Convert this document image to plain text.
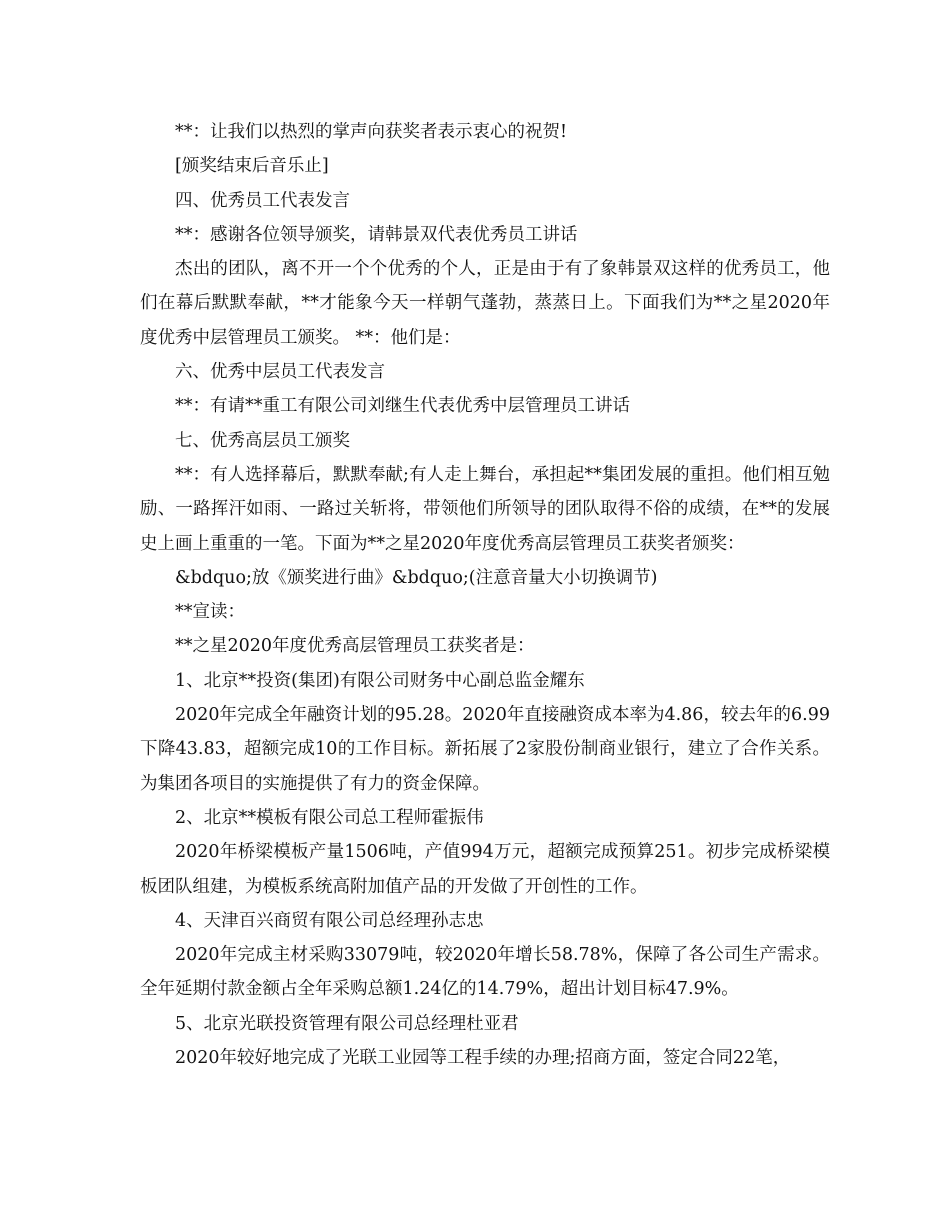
**：让我们以热烈的掌声向获奖者表示衷心的祝贺!

[颁奖结束后音乐止]

四、优秀员工代表发言

**：感谢各位领导颁奖，请韩景双代表优秀员工讲话

杰出的团队，离不开一个个优秀的个人，正是由于有了象韩景双这样的优秀员工，他们在幕后默默奉献，**才能象今天一样朝气蓬勃，蒸蒸日上。下面我们为**之星2020年度优秀中层管理员工颁奖。 **：他们是：

六、优秀中层员工代表发言

**：有请**重工有限公司刘继生代表优秀中层管理员工讲话

七、优秀高层员工颁奖

**：有人选择幕后，默默奉献;有人走上舞台，承担起**集团发展的重担。他们相互勉励、一路挥汗如雨、一路过关斩将，带领他们所领导的团队取得不俗的成绩，在**的发展史上画上重重的一笔。下面为**之星2020年度优秀高层管理员工获奖者颁奖：

&bdquo;放《颁奖进行曲》&bdquo;(注意音量大小切换调节)

**宣读：

**之星2020年度优秀高层管理员工获奖者是：

1、北京**投资(集团)有限公司财务中心副总监金耀东

2020年完成全年融资计划的95.28。2020年直接融资成本率为4.86，较去年的6.99下降43.83，超额完成10的工作目标。新拓展了2家股份制商业银行，建立了合作关系。为集团各项目的实施提供了有力的资金保障。

2、北京**模板有限公司总工程师霍振伟

2020年桥梁模板产量1506吨，产值994万元，超额完成预算251。初步完成桥梁模板团队组建，为模板系统高附加值产品的开发做了开创性的工作。

4、天津百兴商贸有限公司总经理孙志忠

2020年完成主材采购33079吨，较2020年增长58.78%，保障了各公司生产需求。全年延期付款金额占全年采购总额1.24亿的14.79%，超出计划目标47.9%。

5、北京光联投资管理有限公司总经理杜亚君

2020年较好地完成了光联工业园等工程手续的办理;招商方面，签定合同22笔，
